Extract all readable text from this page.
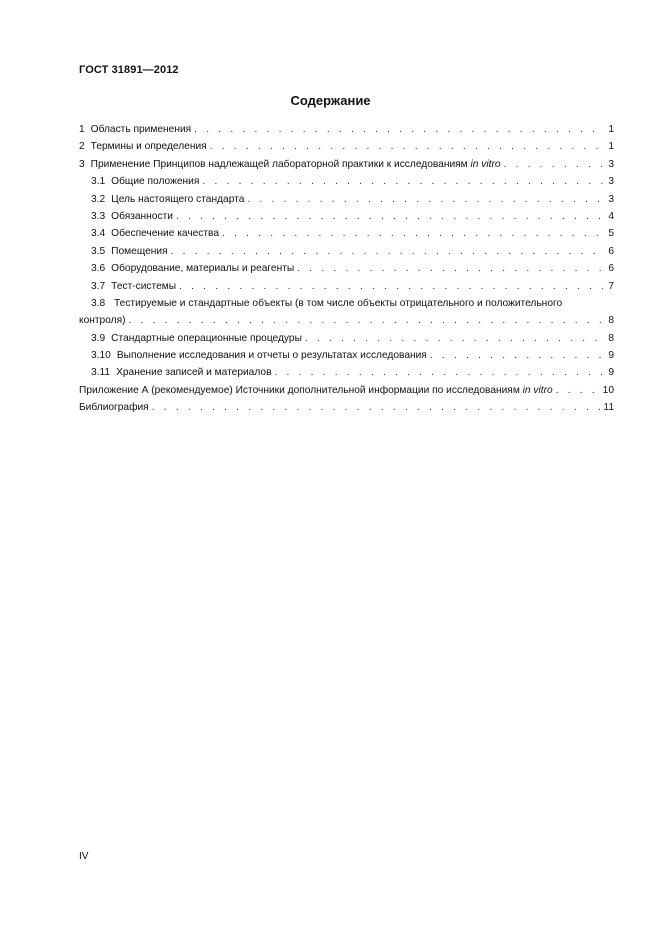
ГОСТ 31891—2012
Содержание
1 Область применения . . .	1
2 Термины и определения . . .	1
3 Применение Принципов надлежащей лабораторной практики к исследованиям in vitro . . .	3
3.1 Общие положения . . .	3
3.2 Цель настоящего стандарта . . .	3
3.3 Обязанности . . .	4
3.4 Обеспечение качества . . .	5
3.5 Помещения . . .	6
3.6 Оборудование, материалы и реагенты . . .	6
3.7 Тест-системы . . .	7
3.8 Тестируемые и стандартные объекты (в том числе объекты отрицательного и положительного
контроля) . . .	8
3.9 Стандартные операционные процедуры . . .	8
3.10 Выполнение исследования и отчеты о результатах исследования . . .	9
3.11 Хранение записей и материалов . . .	9
Приложение А (рекомендуемое) Источники дополнительной информации по исследованиям in vitro . . .	10
Библиография . . .	11
IV
